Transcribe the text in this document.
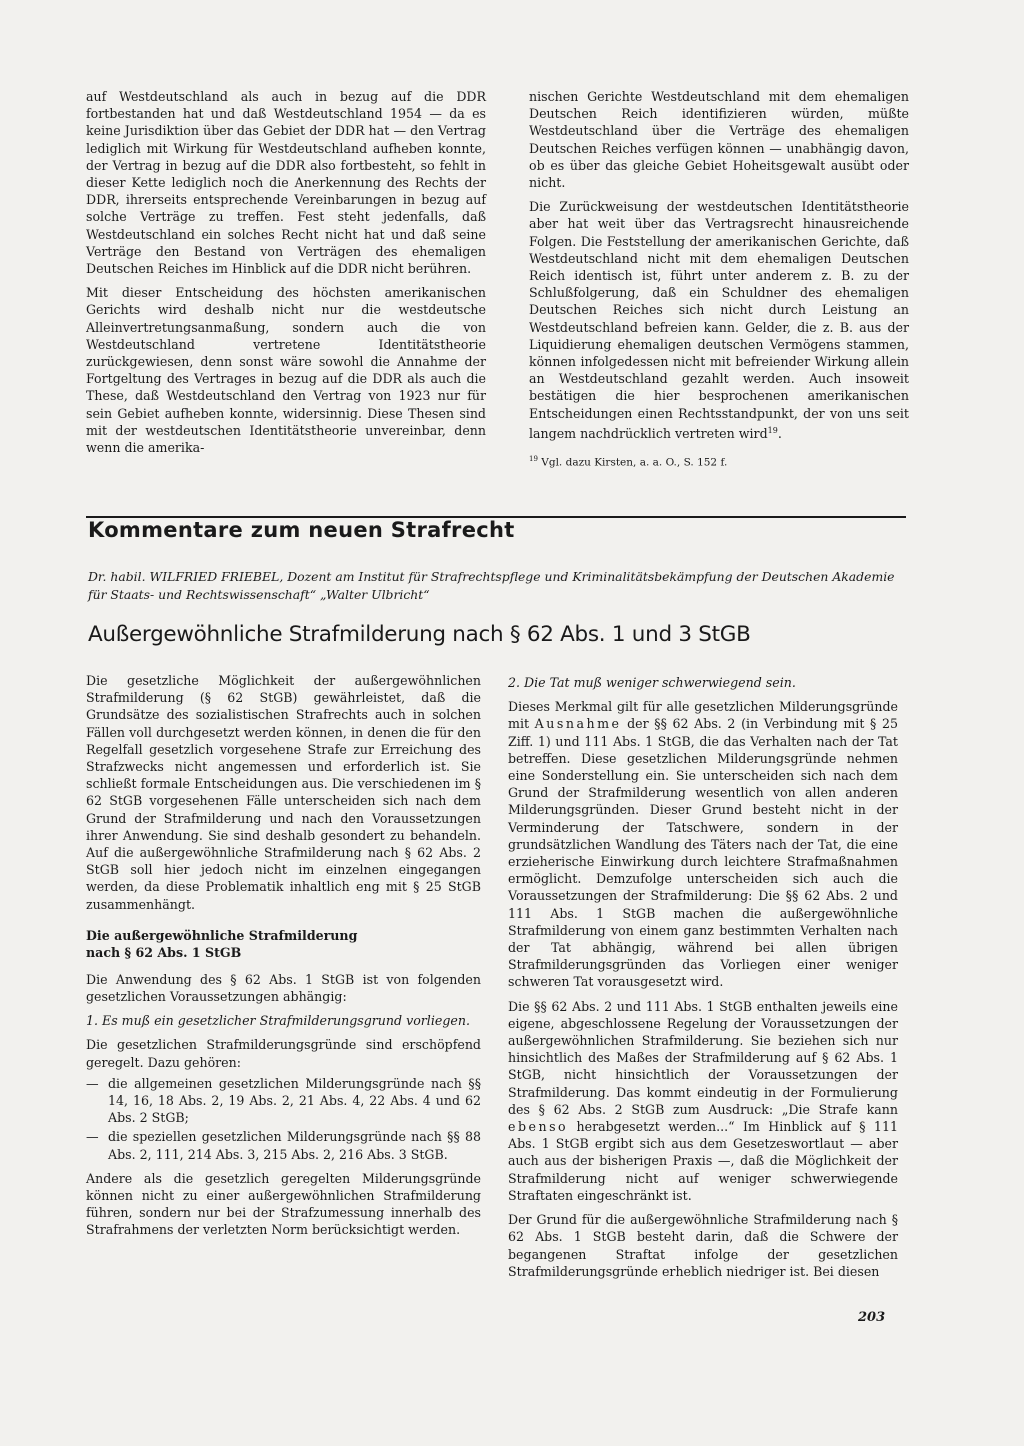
auf Westdeutschland als auch in bezug auf die DDR fortbestanden hat und daß Westdeutschland 1954 — da es keine Jurisdiktion über das Gebiet der DDR hat — den Vertrag lediglich mit Wirkung für Westdeutschland aufheben konnte, der Vertrag in bezug auf die DDR also fortbesteht, so fehlt in dieser Kette lediglich noch die Anerkennung des Rechts der DDR, ihrerseits entsprechende Vereinbarungen in bezug auf solche Verträge zu treffen. Fest steht jedenfalls, daß Westdeutschland ein solches Recht nicht hat und daß seine Verträge den Bestand von Verträgen des ehemaligen Deutschen Reiches im Hinblick auf die DDR nicht berühren.

Mit dieser Entscheidung des höchsten amerikanischen Gerichts wird deshalb nicht nur die westdeutsche Alleinvertretungsanmaßung, sondern auch die von Westdeutschland vertretene Identitätstheorie zurückgewiesen, denn sonst wäre sowohl die Annahme der Fortgeltung des Vertrages in bezug auf die DDR als auch die These, daß Westdeutschland den Vertrag von 1923 nur für sein Gebiet aufheben konnte, widersinnig. Diese Thesen sind mit der westdeutschen Identitätstheorie unvereinbar, denn wenn die amerika-

nischen Gerichte Westdeutschland mit dem ehemaligen Deutschen Reich identifizieren würden, müßte Westdeutschland über die Verträge des ehemaligen Deutschen Reiches verfügen können — unabhängig davon, ob es über das gleiche Gebiet Hoheitsgewalt ausübt oder nicht.

Die Zurückweisung der westdeutschen Identitätstheorie aber hat weit über das Vertragsrecht hinausreichende Folgen. Die Feststellung der amerikanischen Gerichte, daß Westdeutschland nicht mit dem ehemaligen Deutschen Reich identisch ist, führt unter anderem z. B. zu der Schlußfolgerung, daß ein Schuldner des ehemaligen Deutschen Reiches sich nicht durch Leistung an Westdeutschland befreien kann. Gelder, die z. B. aus der Liquidierung ehemaligen deutschen Vermögens stammen, können infolgedessen nicht mit befreiender Wirkung allein an Westdeutschland gezahlt werden. Auch insoweit bestätigen die hier besprochenen amerikanischen Entscheidungen einen Rechtsstandpunkt, der von uns seit langem nachdrücklich vertreten wird$^{19}$.

$^{19}$ Vgl. dazu Kirsten, a. a. O., S. 152 f.
Kommentare zum neuen Strafrecht
Dr. habil. WILFRIED FRIEBEL, Dozent am Institut für Strafrechtspflege und Kriminalitätsbekämpfung der Deutschen Akademie für Staats- und Rechtswissenschaft“ „Walter Ulbricht“
Außergewöhnliche Strafmilderung nach § 62 Abs. 1 und 3 StGB

Die gesetzliche Möglichkeit der außergewöhnlichen Strafmilderung (§ 62 StGB) gewährleistet, daß die Grundsätze des sozialistischen Strafrechts auch in solchen Fällen voll durchgesetzt werden können, in denen die für den Regelfall gesetzlich vorgesehene Strafe zur Erreichung des Strafzwecks nicht angemessen und erforderlich ist. Sie schließt formale Entscheidungen aus. Die verschiedenen im § 62 StGB vorgesehenen Fälle unterscheiden sich nach dem Grund der Strafmilderung und nach den Voraussetzungen ihrer Anwendung. Sie sind deshalb gesondert zu behandeln. Auf die außergewöhnliche Strafmilderung nach § 62 Abs. 2 StGB soll hier jedoch nicht im einzelnen eingegangen werden, da diese Problematik inhaltlich eng mit § 25 StGB zusammenhängt.

Die außergewöhnliche Strafmilderung
nach § 62 Abs. 1 StGB

Die Anwendung des § 62 Abs. 1 StGB ist von folgenden gesetzlichen Voraussetzungen abhängig:

1. Es muß ein gesetzlicher Strafmilderungsgrund vorliegen.

Die gesetzlichen Strafmilderungsgründe sind erschöpfend geregelt. Dazu gehören:

— die allgemeinen gesetzlichen Milderungsgründe nach §§ 14, 16, 18 Abs. 2, 19 Abs. 2, 21 Abs. 4, 22 Abs. 4 und 62 Abs. 2 StGB;
— die speziellen gesetzlichen Milderungsgründe nach §§ 88 Abs. 2, 111, 214 Abs. 3, 215 Abs. 2, 216 Abs. 3 StGB.

Andere als die gesetzlich geregelten Milderungsgründe können nicht zu einer außergewöhnlichen Strafmilderung führen, sondern nur bei der Strafzumessung innerhalb des Strafrahmens der verletzten Norm berücksichtigt werden.

2. Die Tat muß weniger schwerwiegend sein.

Dieses Merkmal gilt für alle gesetzlichen Milderungsgründe mit Ausnahme der §§ 62 Abs. 2 (in Verbindung mit § 25 Ziff. 1) und 111 Abs. 1 StGB, die das Verhalten nach der Tat betreffen. Diese gesetzlichen Milderungsgründe nehmen eine Sonderstellung ein. Sie unterscheiden sich nach dem Grund der Strafmilderung wesentlich von allen anderen Milderungsgründen. Dieser Grund besteht nicht in der Verminderung der Tatschwere, sondern in der grundsätzlichen Wandlung des Täters nach der Tat, die eine erzieherische Einwirkung durch leichtere Strafmaßnahmen ermöglicht. Demzufolge unterscheiden sich auch die Voraussetzungen der Strafmilderung: Die §§ 62 Abs. 2 und 111 Abs. 1 StGB machen die außergewöhnliche Strafmilderung von einem ganz bestimmten Verhalten nach der Tat abhängig, während bei allen übrigen Strafmilderungsgründen das Vorliegen einer weniger schweren Tat vorausgesetzt wird.

Die §§ 62 Abs. 2 und 111 Abs. 1 StGB enthalten jeweils eine eigene, abgeschlossene Regelung der Voraussetzungen der außergewöhnlichen Strafmilderung. Sie beziehen sich nur hinsichtlich des Maßes der Strafmilderung auf § 62 Abs. 1 StGB, nicht hinsichtlich der Voraussetzungen der Strafmilderung. Das kommt eindeutig in der Formulierung des § 62 Abs. 2 StGB zum Ausdruck: „Die Strafe kann ebenso herabgesetzt werden...“ Im Hinblick auf § 111 Abs. 1 StGB ergibt sich aus dem Gesetzeswortlaut — aber auch aus der bisherigen Praxis —, daß die Möglichkeit der Strafmilderung nicht auf weniger schwerwiegende Straftaten eingeschränkt ist.

Der Grund für die außergewöhnliche Strafmilderung nach § 62 Abs. 1 StGB besteht darin, daß die Schwere der begangenen Straftat infolge der gesetzlichen Strafmilderungsgründe erheblich niedriger ist. Bei diesen

203
